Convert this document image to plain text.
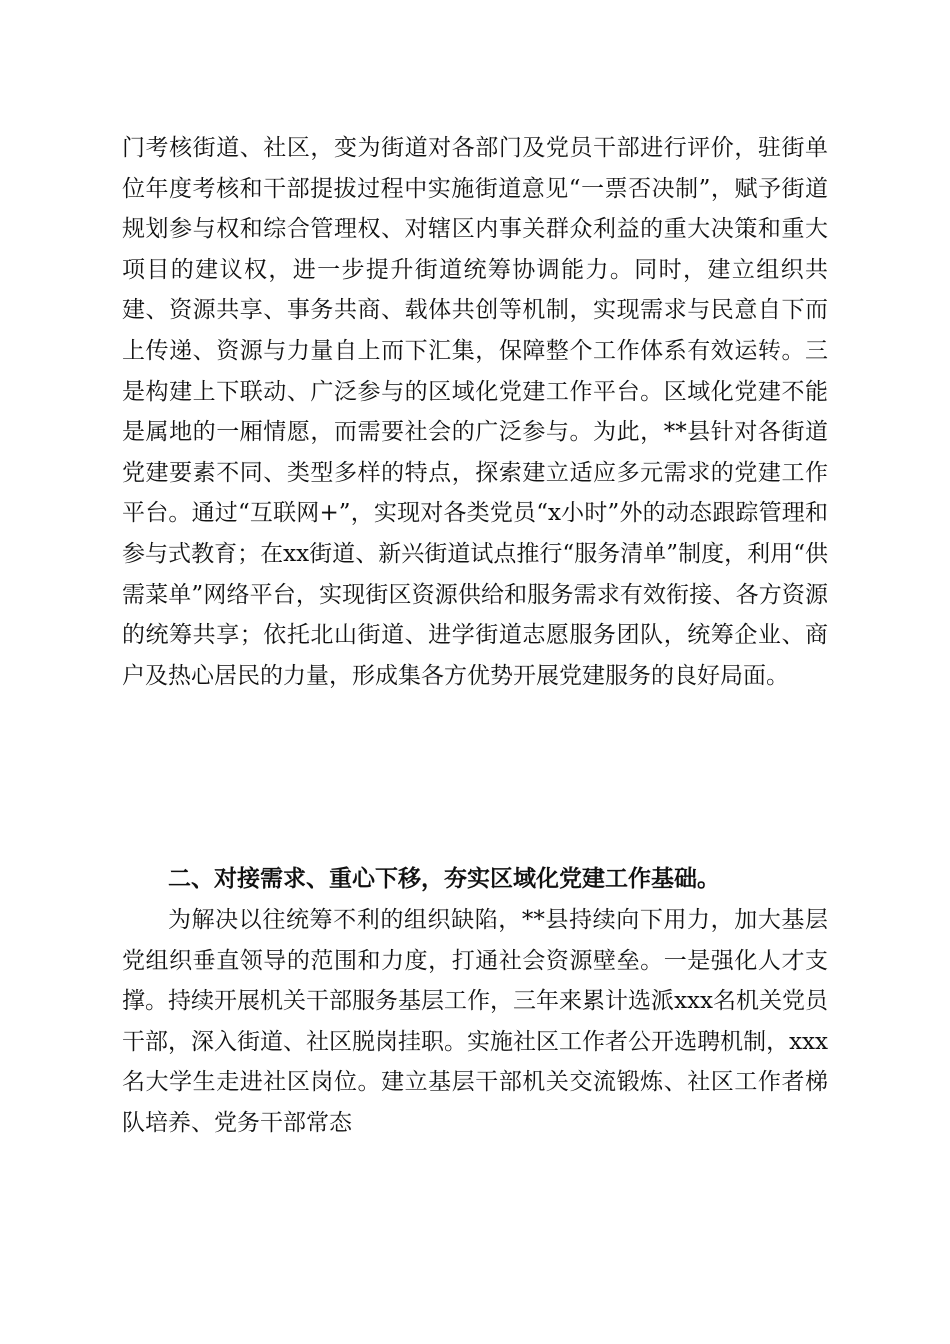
门考核街道、社区，变为街道对各部门及党员干部进行评价，驻街单位年度考核和干部提拔过程中实施街道意见“一票否决制”，赋予街道规划参与权和综合管理权、对辖区内事关群众利益的重大决策和重大项目的建议权，进一步提升街道统筹协调能力。同时，建立组织共建、资源共享、事务共商、载体共创等机制，实现需求与民意自下而上传递、资源与力量自上而下汇集，保障整个工作体系有效运转。三是构建上下联动、广泛参与的区域化党建工作平台。区域化党建不能是属地的一厢情愿，而需要社会的广泛参与。为此，**县针对各街道党建要素不同、类型多样的特点，探索建立适应多元需求的党建工作平台。通过“互联网+”，实现对各类党员“x小时”外的动态跟踪管理和参与式教育；在xx街道、新兴街道试点推行“服务清单”制度，利用“供需菜单”网络平台，实现街区资源供给和服务需求有效衔接、各方资源的统筹共享；依托北山街道、进学街道志愿服务团队，统筹企业、商户及热心居民的力量，形成集各方优势开展党建服务的良好局面。

二、对接需求、重心下移，夯实区域化党建工作基础。

为解决以往统筹不利的组织缺陷，**县持续向下用力，加大基层党组织垂直领导的范围和力度，打通社会资源壁垒。一是强化人才支撑。持续开展机关干部服务基层工作，三年来累计选派xxx名机关党员干部，深入街道、社区脱岗挂职。实施社区工作者公开选聘机制，xxx名大学生走进社区岗位。建立基层干部机关交流锻炼、社区工作者梯队培养、党务干部常态
